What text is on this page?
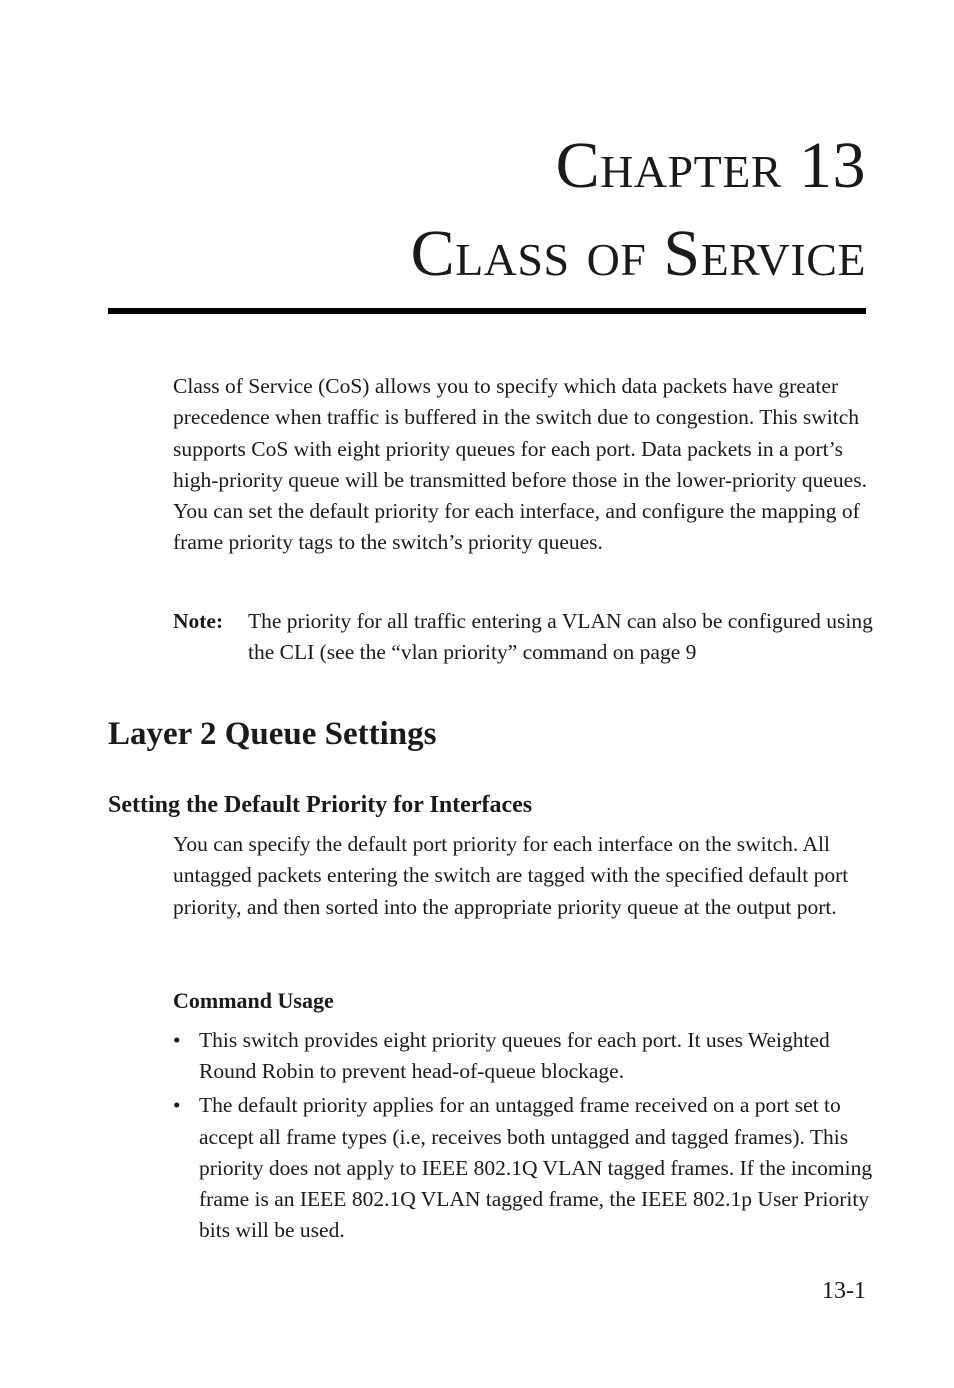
Chapter 13
Class of Service

Class of Service (CoS) allows you to specify which data packets have greater precedence when traffic is buffered in the switch due to congestion. This switch supports CoS with eight priority queues for each port. Data packets in a port’s high-priority queue will be transmitted before those in the lower-priority queues. You can set the default priority for each interface, and configure the mapping of frame priority tags to the switch’s priority queues.

Note: The priority for all traffic entering a VLAN can also be configured using the CLI (see the “vlan priority” command on page 9
Layer 2 Queue Settings
Setting the Default Priority for Interfaces

You can specify the default port priority for each interface on the switch. All untagged packets entering the switch are tagged with the specified default port priority, and then sorted into the appropriate priority queue at the output port.

Command Usage
• This switch provides eight priority queues for each port. It uses Weighted Round Robin to prevent head-of-queue blockage.
• The default priority applies for an untagged frame received on a port set to accept all frame types (i.e, receives both untagged and tagged frames). This priority does not apply to IEEE 802.1Q VLAN tagged frames. If the incoming frame is an IEEE 802.1Q VLAN tagged frame, the IEEE 802.1p User Priority bits will be used.
13-1
